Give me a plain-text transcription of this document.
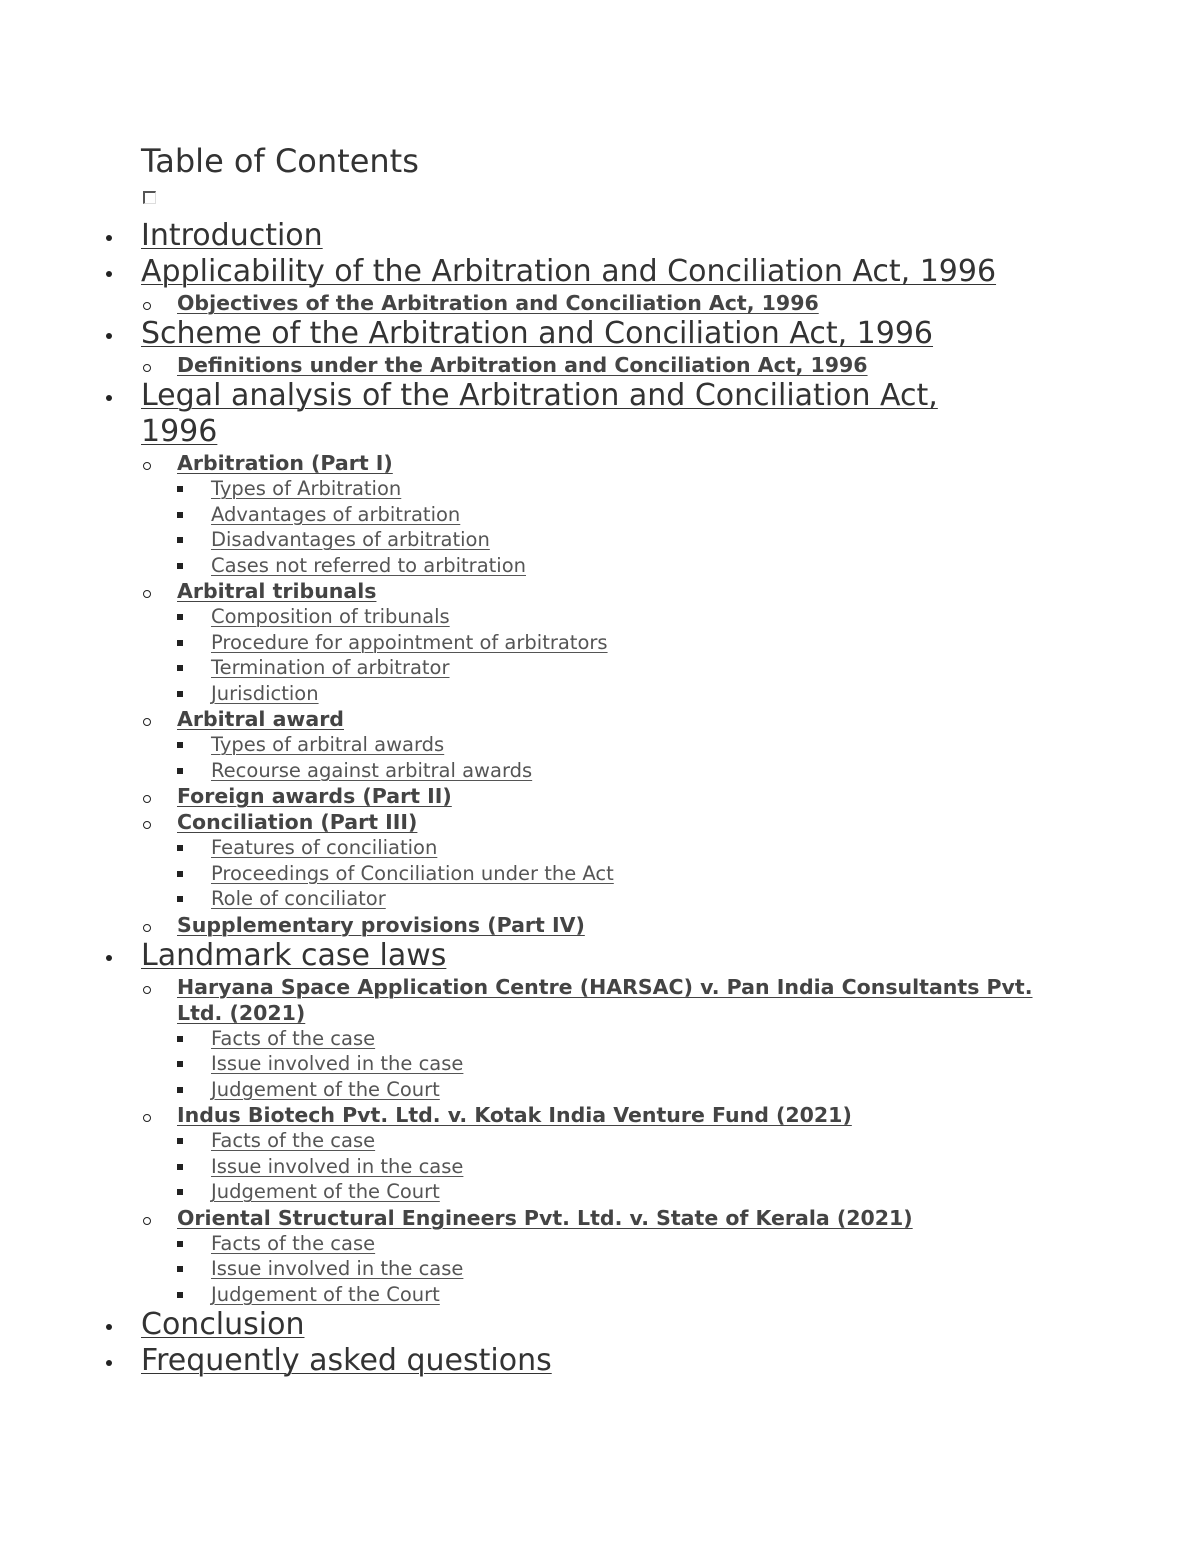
Table of Contents
Introduction
Applicability of the Arbitration and Conciliation Act, 1996
Objectives of the Arbitration and Conciliation Act, 1996
Scheme of the Arbitration and Conciliation Act, 1996
Definitions under the Arbitration and Conciliation Act, 1996
Legal analysis of the Arbitration and Conciliation Act, 1996
Arbitration (Part I)
Types of Arbitration
Advantages of arbitration
Disadvantages of arbitration
Cases not referred to arbitration
Arbitral tribunals
Composition of tribunals
Procedure for appointment of arbitrators
Termination of arbitrator
Jurisdiction
Arbitral award
Types of arbitral awards
Recourse against arbitral awards
Foreign awards (Part II)
Conciliation (Part III)
Features of conciliation
Proceedings of Conciliation under the Act
Role of conciliator
Supplementary provisions (Part IV)
Landmark case laws
Haryana Space Application Centre (HARSAC) v. Pan India Consultants Pvt. Ltd. (2021)
Facts of the case
Issue involved in the case
Judgement of the Court
Indus Biotech Pvt. Ltd. v. Kotak India Venture Fund (2021)
Facts of the case
Issue involved in the case
Judgement of the Court
Oriental Structural Engineers Pvt. Ltd. v. State of Kerala (2021)
Facts of the case
Issue involved in the case
Judgement of the Court
Conclusion
Frequently asked questions
